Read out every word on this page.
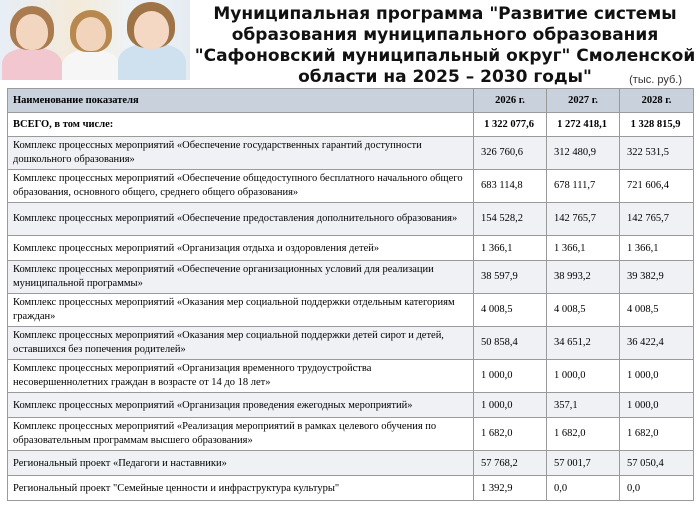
Муниципальная программа "Развитие системы образования муниципального образования "Сафоновский муниципальный округ" Смоленской области на 2025 – 2030 годы"	(тыс. руб.)
Наименование показателя	2026 г.	2027 г.	2028 г.
ВСЕГО, в том числе:	1 322 077,6	1 272 418,1	1 328 815,9
Комплекс процессных мероприятий «Обеспечение государственных гарантий доступности дошкольного образования»	326 760,6	312 480,9	322 531,5
Комплекс процессных мероприятий «Обеспечение общедоступного бесплатного начального общего образования, основного общего, среднего общего образования»	683 114,8	678 111,7	721 606,4
Комплекс процессных мероприятий «Обеспечение предоставления дополнительного образования»	154 528,2	142 765,7	142 765,7
Комплекс процессных мероприятий «Организация отдыха и оздоровления детей»	1 366,1	1 366,1	1 366,1
Комплекс процессных мероприятий «Обеспечение организационных условий для реализации муниципальной программы»	38 597,9	38 993,2	39 382,9
Комплекс процессных мероприятий «Оказания мер социальной поддержки отдельным категориям граждан»	4 008,5	4 008,5	4 008,5
Комплекс процессных мероприятий «Оказания мер социальной поддержки детей сирот и детей, оставшихся без попечения родителей»	50 858,4	34 651,2	36 422,4
Комплекс процессных мероприятий «Организация временного трудоустройства несовершеннолетних граждан в возрасте от 14 до 18 лет»	1 000,0	1 000,0	1 000,0
Комплекс процессных мероприятий «Организация проведения ежегодных мероприятий»	1 000,0	357,1	1 000,0
Комплекс процессных мероприятий «Реализация мероприятий в рамках целевого обучения по образовательным программам высшего образования»	1 682,0	1 682,0	1 682,0
Региональный проект «Педагоги и наставники»	57 768,2	57 001,7	57 050,4
Региональный проект "Семейные ценности и инфраструктура культуры"	1 392,9	0,0	0,0
